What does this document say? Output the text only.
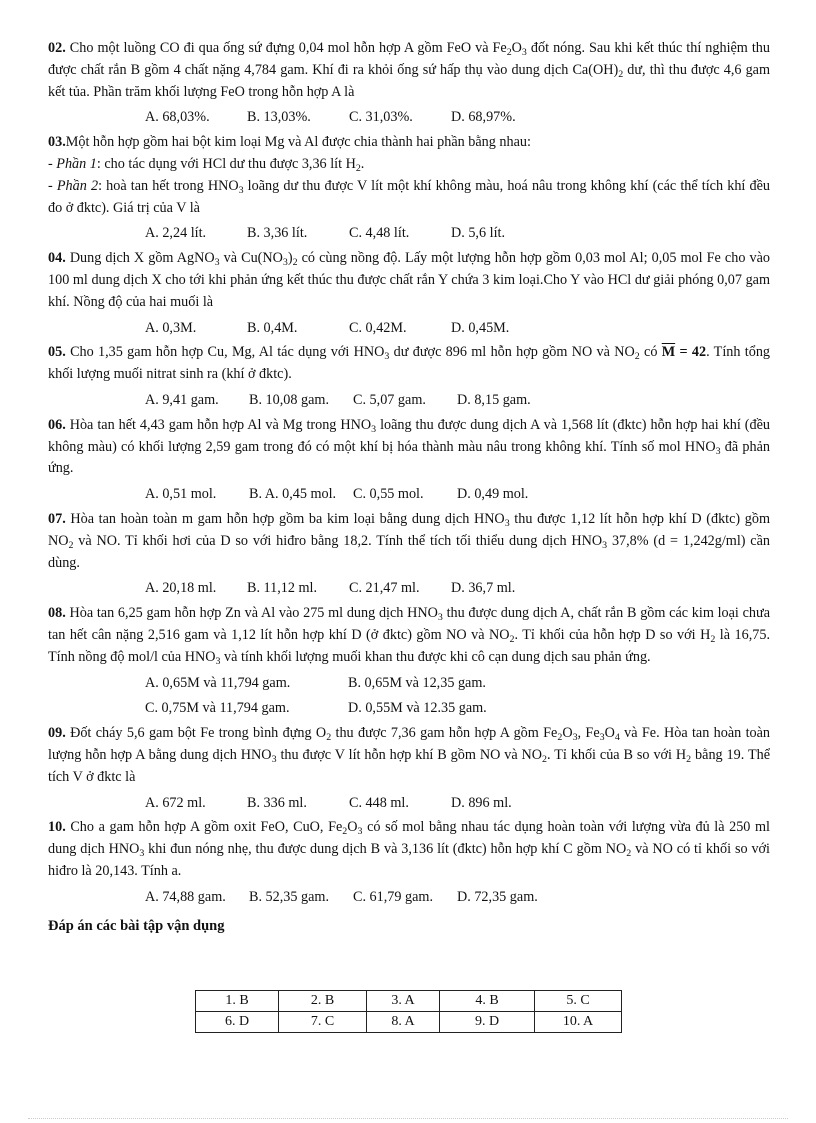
02. Cho một luồng CO đi qua ống sứ đựng 0,04 mol hỗn hợp A gồm FeO và $Fe_2O_3$ đốt nóng. Sau khi kết thúc thí nghiệm thu được chất rắn B gồm 4 chất nặng 4,784 gam. Khí đi ra khỏi ống sứ hấp thụ vào dung dịch $Ca(OH)_2$ dư, thì thu được 4,6 gam kết tủa. Phần trăm khối lượng FeO trong hỗn hợp A là
A. 68,03%.	B. 13,03%.	C. 31,03%.	D. 68,97%.
03.Một hỗn hợp gồm hai bột kim loại Mg và Al được chia thành hai phần bằng nhau:
- Phần 1: cho tác dụng với HCl dư thu được 3,36 lít $H_2$.
- Phần 2: hoà tan hết trong $HNO_3$ loãng dư thu được V lít một khí không màu, hoá nâu trong không khí (các thể tích khí đều đo ở đktc). Giá trị của V là
A. 2,24 lít.	B. 3,36 lít.	C. 4,48 lít.	D. 5,6 lít.
04. Dung dịch X gồm AgNO$_3$ và $Cu(NO_3)_2$ có cùng nồng độ. Lấy một lượng hỗn hợp gồm 0,03 mol Al; 0,05 mol Fe cho vào 100 ml dung dịch X cho tới khi phản ứng kết thúc thu được chất rắn Y chứa 3 kim loại.Cho Y vào HCl dư giải phóng 0,07 gam khí. Nồng độ của hai muối là
A. 0,3M.	B. 0,4M.	C. 0,42M.	D. 0,45M.
05. Cho 1,35 gam hỗn hợp Cu, Mg, Al tác dụng với $HNO_3$ dư được 896 ml hỗn hợp gồm NO và $NO_2$ có $\overline{M} = 42$. Tính tổng khối lượng muối nitrat sinh ra (khí ở đktc).
A. 9,41 gam.	B. 10,08 gam.	C. 5,07 gam.	D. 8,15 gam.
06. Hòa tan hết 4,43 gam hỗn hợp Al và Mg trong $HNO_3$ loãng thu được dung dịch A và 1,568 lít (đktc) hỗn hợp hai khí (đều không màu) có khối lượng 2,59 gam trong đó có một khí bị hóa thành màu nâu trong không khí. Tính số mol $HNO_3$ đã phản ứng.
A. 0,51 mol.	B. A. 0,45 mol.	C. 0,55 mol.	D. 0,49 mol.
07. Hòa tan hoàn toàn m gam hỗn hợp gồm ba kim loại bằng dung dịch $HNO_3$ thu được 1,12 lít hỗn hợp khí D (đktc) gồm $NO_2$ và NO. Tỉ khối hơi của D so với hiđro bằng 18,2. Tính thể tích tối thiểu dung dịch $HNO_3$ 37,8% (d = 1,242g/ml) cần dùng.
A. 20,18 ml.	B. 11,12 ml.	C. 21,47 ml.	D. 36,7 ml.
08. Hòa tan 6,25 gam hỗn hợp Zn và Al vào 275 ml dung dịch $HNO_3$ thu được dung dịch A, chất rắn B gồm các kim loại chưa tan hết cân nặng 2,516 gam và 1,12 lít hỗn hợp khí D (ở đktc) gồm NO và $NO_2$. Tỉ khối của hỗn hợp D so với $H_2$ là 16,75. Tính nồng độ mol/l của $HNO_3$ và tính khối lượng muối khan thu được khi cô cạn dung dịch sau phản ứng.
A. 0,65M và 11,794 gam.	B. 0,65M và 12,35 gam.
C. 0,75M và 11,794 gam.	D. 0,55M và 12.35 gam.
09. Đốt cháy 5,6 gam bột Fe trong bình đựng $O_2$ thu được 7,36 gam hỗn hợp A gồm $Fe_2O_3$, $Fe_3O_4$ và Fe. Hòa tan hoàn toàn lượng hỗn hợp A bằng dung dịch $HNO_3$ thu được V lít hỗn hợp khí B gồm NO và $NO_2$. Tỉ khối của B so với $H_2$ bằng 19. Thể tích V ở đktc là
A. 672 ml.	B. 336 ml.	C. 448 ml.	D. 896 ml.
10. Cho a gam hỗn hợp A gồm oxit FeO, CuO, $Fe_2O_3$ có số mol bằng nhau tác dụng hoàn toàn với lượng vừa đủ là 250 ml dung dịch $HNO_3$ khi đun nóng nhẹ, thu được dung dịch B và 3,136 lít (đktc) hỗn hợp khí C gồm $NO_2$ và NO có tỉ khối so với hiđro là 20,143. Tính a.
A. 74,88 gam.	B. 52,35 gam.	C. 61,79 gam.	D. 72,35 gam.
Đáp án các bài tập vận dụng
1. B	2. B	3. A	4. B	5. C
6. D	7. C	8. A	9. D	10. A
